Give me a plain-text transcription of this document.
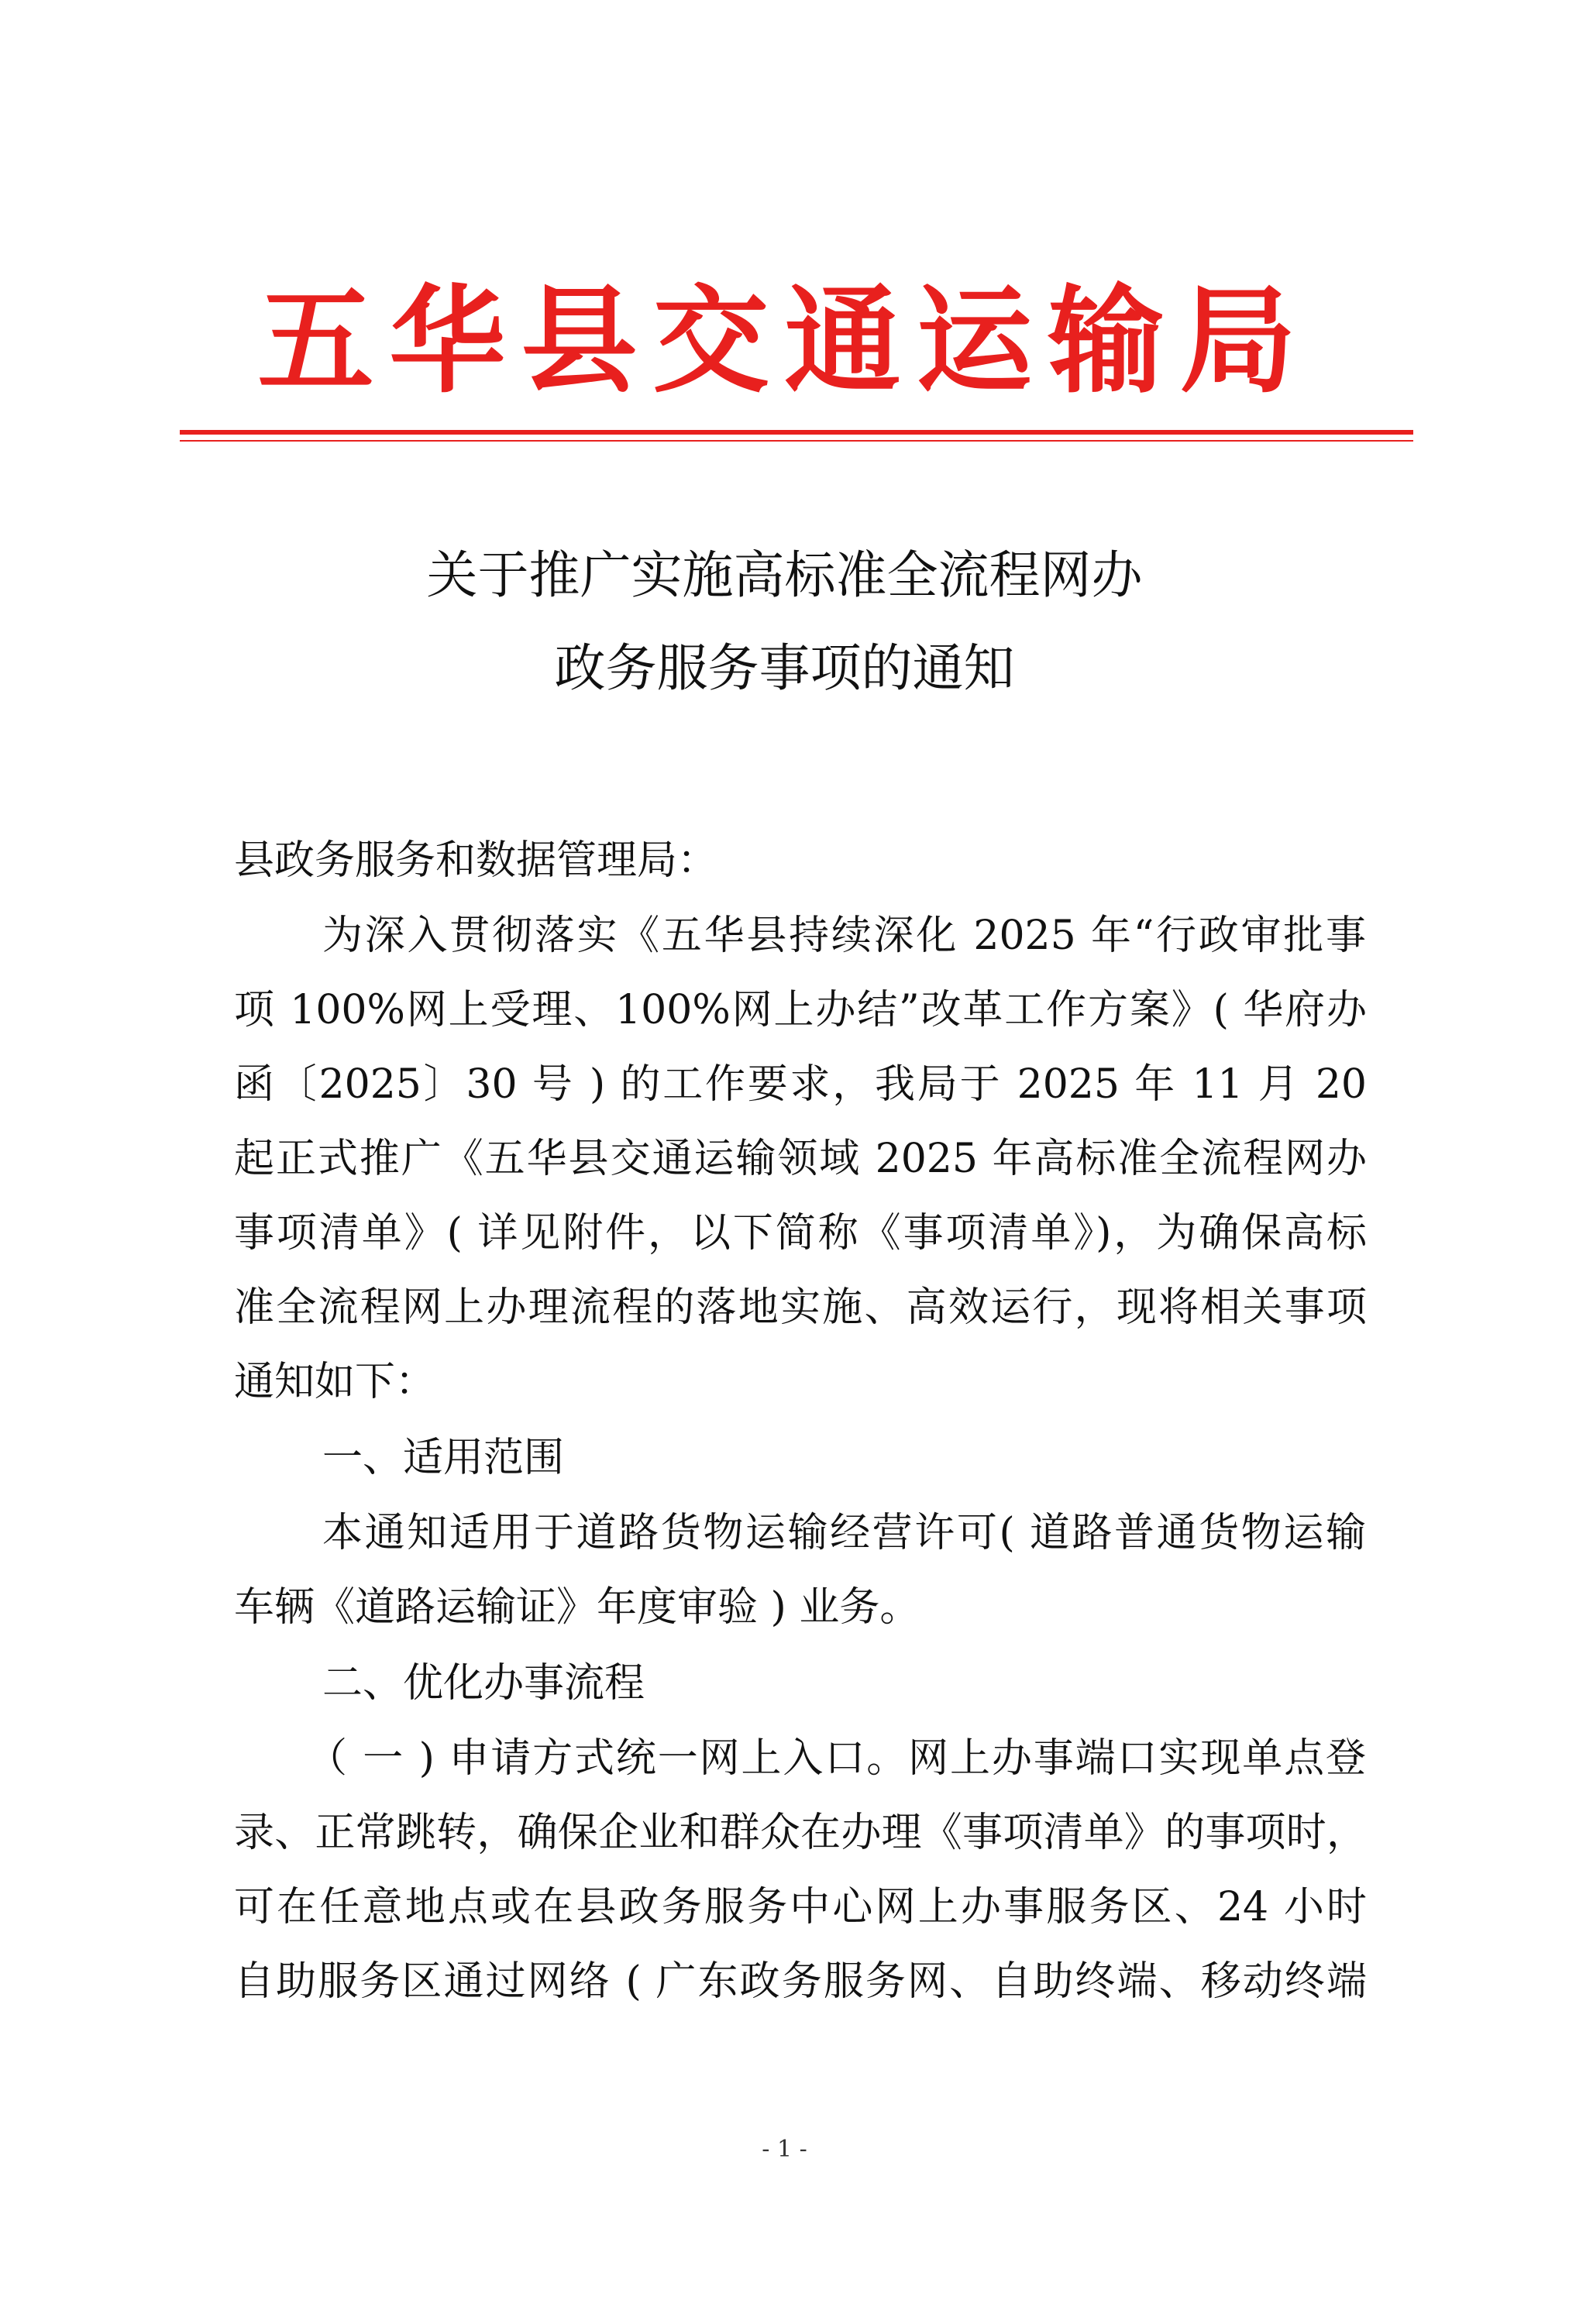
五华县交通运输局
关于推广实施高标准全流程网办
政务服务事项的通知
县政务服务和数据管理局：
为深入贯彻落实《五华县持续深化 2025 年“行政审批事
项 100%网上受理、100%网上办结”改革工作方案》( 华府办
函〔2025〕30 号 ) 的工作要求，我局于 2025 年 11 月 20
起正式推广《五华县交通运输领域 2025 年高标准全流程网办
事项清单》( 详见附件，以下简称《事项清单》)，为确保高标
准全流程网上办理流程的落地实施、高效运行，现将相关事项
通知如下：
一、适用范围
本通知适用于道路货物运输经营许可( 道路普通货物运输
车辆《道路运输证》年度审验 ) 业务。
二、优化办事流程
（ 一 ) 申请方式统一网上入口。网上办事端口实现单点登
录、正常跳转，确保企业和群众在办理《事项清单》的事项时，
可在任意地点或在县政务服务中心网上办事服务区、24 小时
自助服务区通过网络 ( 广东政务服务网、自助终端、移动终端
- 1 -
